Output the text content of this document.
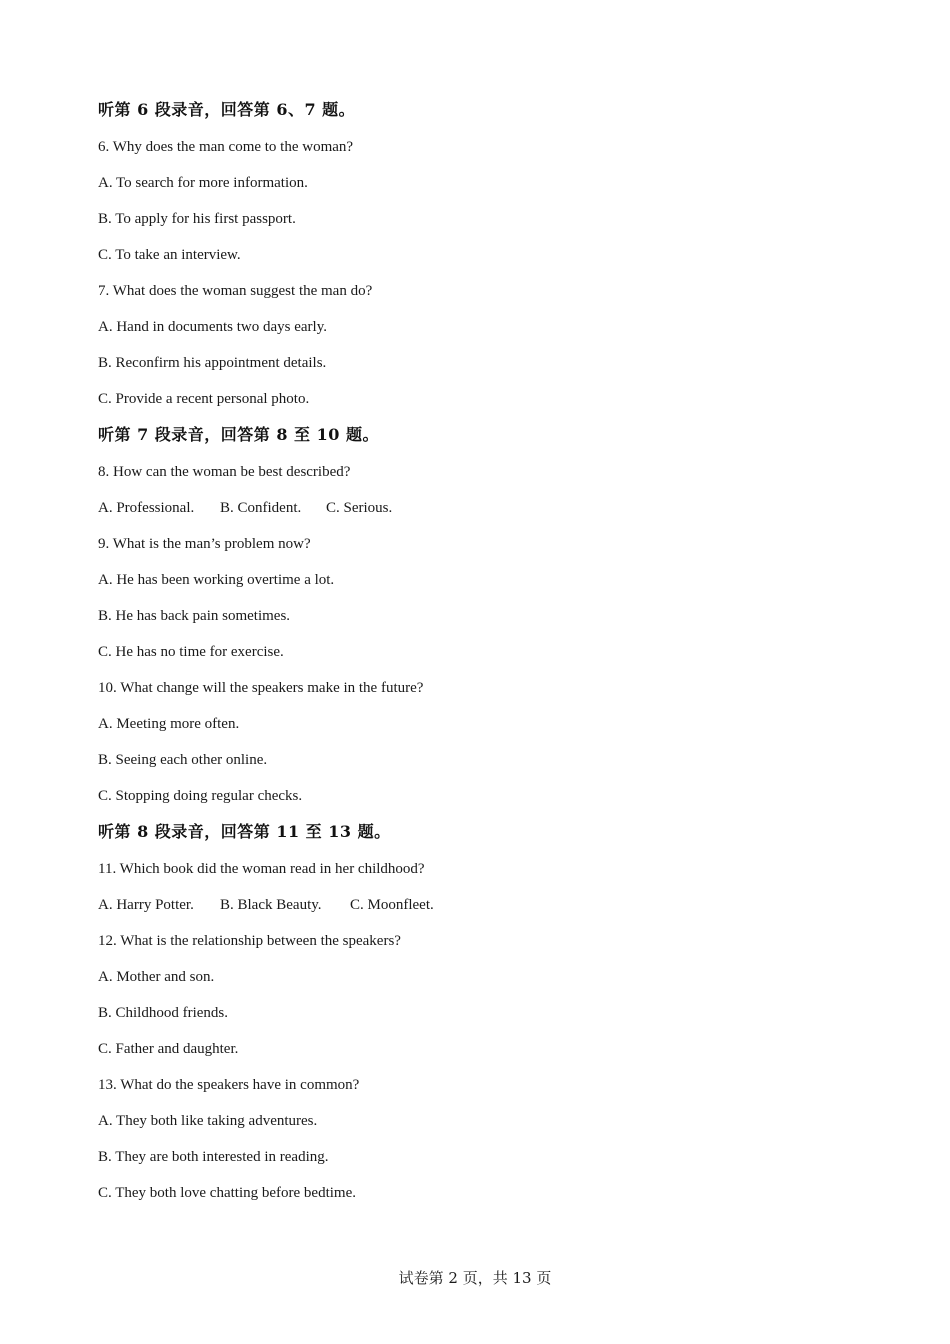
听第 6 段录音，回答第 6、7 题。
6. Why does the man come to the woman?
A. To search for more information.
B. To apply for his first passport.
C. To take an interview.
7. What does the woman suggest the man do?
A. Hand in documents two days early.
B. Reconfirm his appointment details.
C. Provide a recent personal photo.
听第 7 段录音，回答第 8 至 10 题。
8. How can the woman be best described?
A. Professional. B. Confident. C. Serious.
9. What is the man’s problem now?
A. He has been working overtime a lot.
B. He has back pain sometimes.
C. He has no time for exercise.
10. What change will the speakers make in the future?
A. Meeting more often.
B. Seeing each other online.
C. Stopping doing regular checks.
听第 8 段录音，回答第 11 至 13 题。
11. Which book did the woman read in her childhood?
A. Harry Potter. B. Black Beauty. C. Moonfleet.
12. What is the relationship between the speakers?
A. Mother and son.
B. Childhood friends.
C. Father and daughter.
13. What do the speakers have in common?
A. They both like taking adventures.
B. They are both interested in reading.
C. They both love chatting before bedtime.
试卷第 2 页，共 13 页
